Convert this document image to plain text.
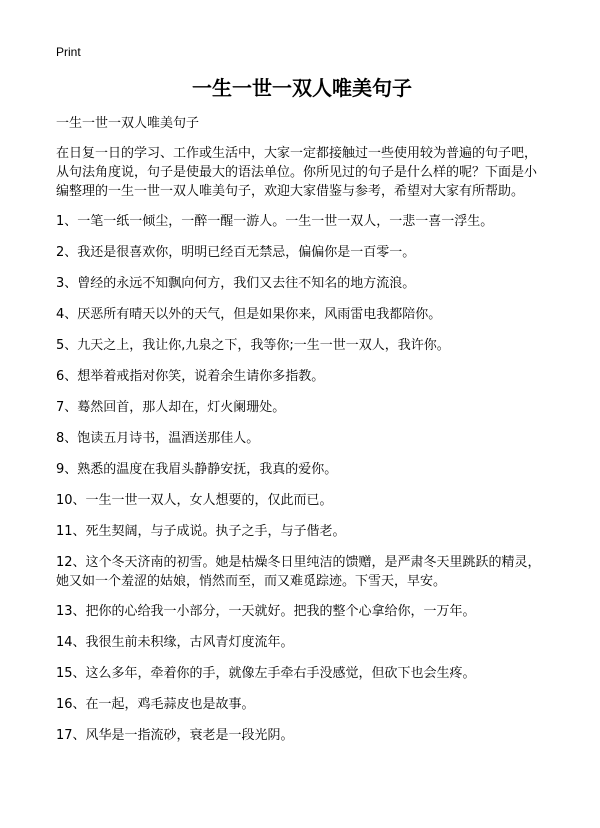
Print
一生一世一双人唯美句子
一生一世一双人唯美句子
在日复一日的学习、工作或生活中，大家一定都接触过一些使用较为普遍的句子吧，从句法角度说，句子是使最大的语法单位。你所见过的句子是什么样的呢？下面是小编整理的一生一世一双人唯美句子，欢迎大家借鉴与参考，希望对大家有所帮助。
1、一笔一纸一倾尘，一醉一醒一游人。一生一世一双人，一悲一喜一浮生。
2、我还是很喜欢你，明明已经百无禁忌，偏偏你是一百零一。
3、曾经的永远不知飘向何方，我们又去往不知名的地方流浪。
4、厌恶所有晴天以外的天气，但是如果你来，风雨雷电我都陪你。
5、九天之上，我让你,九泉之下，我等你;一生一世一双人，我许你。
6、想举着戒指对你笑，说着余生请你多指教。
7、蓦然回首，那人却在，灯火阑珊处。
8、饱读五月诗书，温酒送那佳人。
9、熟悉的温度在我眉头静静安抚，我真的爱你。
10、一生一世一双人，女人想要的，仅此而已。
11、死生契阔，与子成说。执子之手，与子偕老。
12、这个冬天济南的初雪。她是枯燥冬日里纯洁的馈赠，是严肃冬天里跳跃的精灵，她又如一个羞涩的姑娘，悄然而至，而又难觅踪迹。下雪天，早安。
13、把你的心给我一小部分，一天就好。把我的整个心拿给你，一万年。
14、我很生前未积缘，古风青灯度流年。
15、这么多年，牵着你的手，就像左手牵右手没感觉，但砍下也会生疼。
16、在一起，鸡毛蒜皮也是故事。
17、风华是一指流砂，衰老是一段光阴。
